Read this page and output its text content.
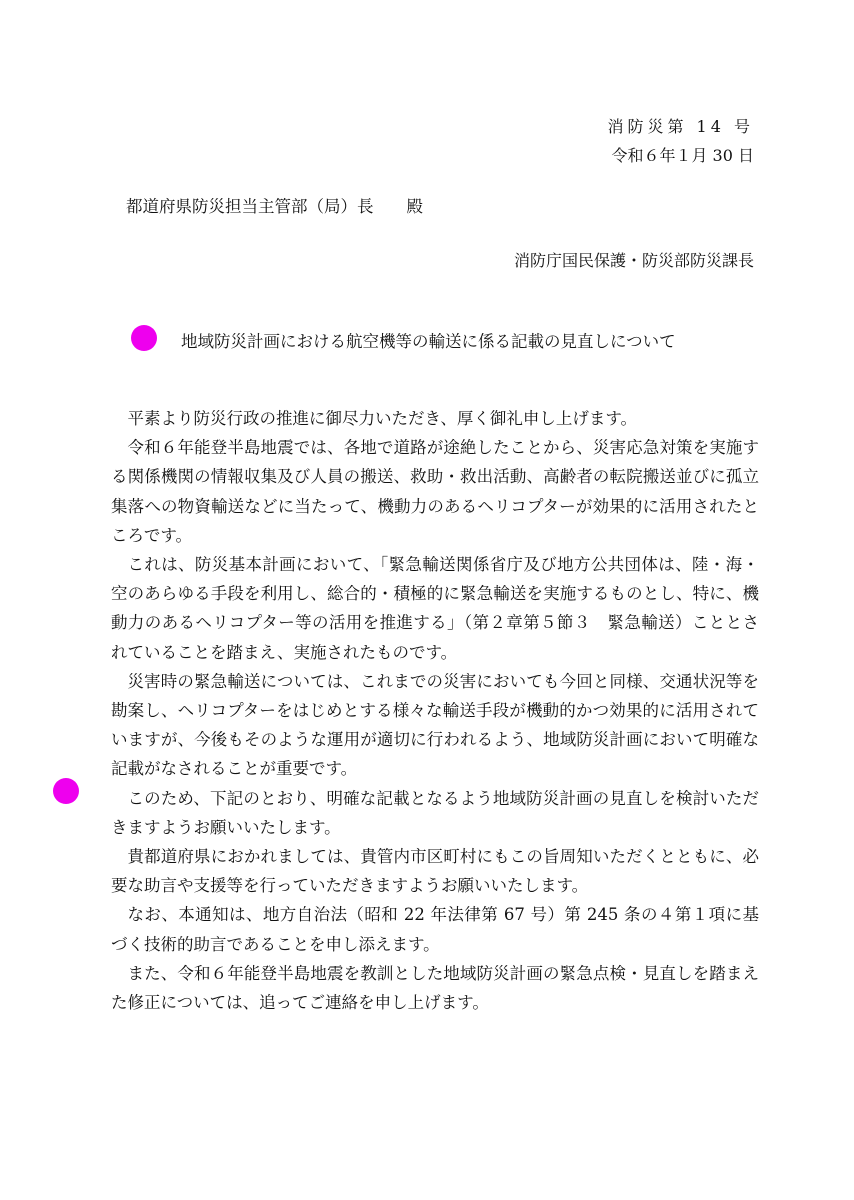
消防災第 14 号
令和６年１月 30 日
都道府県防災担当主管部（局）長　　殿
消防庁国民保護・防災部防災課長
地域防災計画における航空機等の輸送に係る記載の見直しについて

平素より防災行政の推進に御尽力いただき、厚く御礼申し上げます。

令和６年能登半島地震では、各地で道路が途絶したことから、災害応急対策を実施する関係機関の情報収集及び人員の搬送、救助・救出活動、高齢者の転院搬送並びに孤立集落への物資輸送などに当たって、機動力のあるヘリコプターが効果的に活用されたところです。

これは、防災基本計画において、「緊急輸送関係省庁及び地方公共団体は、陸・海・空のあらゆる手段を利用し、総合的・積極的に緊急輸送を実施するものとし、特に、機動力のあるヘリコプター等の活用を推進する」（第２章第５節３　緊急輸送）こととされていることを踏まえ、実施されたものです。

災害時の緊急輸送については、これまでの災害においても今回と同様、交通状況等を勘案し、ヘリコプターをはじめとする様々な輸送手段が機動的かつ効果的に活用されていますが、今後もそのような運用が適切に行われるよう、地域防災計画において明確な記載がなされることが重要です。

このため、下記のとおり、明確な記載となるよう地域防災計画の見直しを検討いただきますようお願いいたします。

貴都道府県におかれましては、貴管内市区町村にもこの旨周知いただくとともに、必要な助言や支援等を行っていただきますようお願いいたします。

なお、本通知は、地方自治法（昭和 22 年法律第 67 号）第 245 条の４第１項に基づく技術的助言であることを申し添えます。

また、令和６年能登半島地震を教訓とした地域防災計画の緊急点検・見直しを踏まえた修正については、追ってご連絡を申し上げます。
